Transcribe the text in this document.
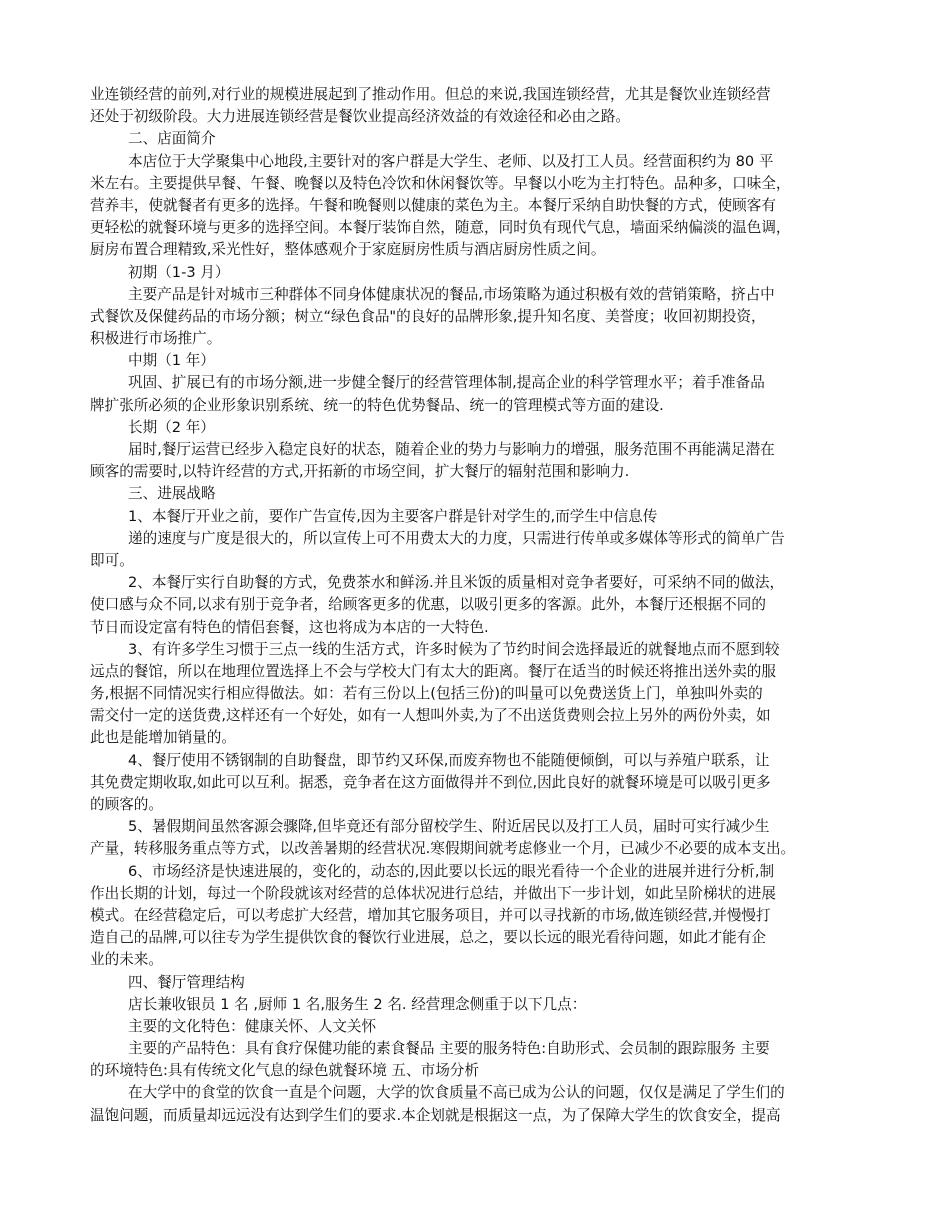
业连锁经营的前列,对行业的规模进展起到了推动作用。但总的来说,我国连锁经营，尤其是餐饮业连锁经营

还处于初级阶段。大力进展连锁经营是餐饮业提高经济效益的有效途径和必由之路。

二、店面简介

本店位于大学聚集中心地段,主要针对的客户群是大学生、老师、以及打工人员。经营面积约为 80 平

米左右。主要提供早餐、午餐、晚餐以及特色冷饮和休闲餐饮等。早餐以小吃为主打特色。品种多，口味全，

营养丰，使就餐者有更多的选择。午餐和晚餐则以健康的菜色为主。本餐厅采纳自助快餐的方式，使顾客有

更轻松的就餐环境与更多的选择空间。本餐厅装饰自然，随意，同时负有现代气息，墙面采纳偏淡的温色调，

厨房布置合理精致,采光性好，整体感观介于家庭厨房性质与酒店厨房性质之间。

初期（1-3 月）

主要产品是针对城市三种群体不同身体健康状况的餐品,市场策略为通过积极有效的营销策略，挤占中

式餐饮及保健药品的市场分额；树立“绿色食品"的良好的品牌形象,提升知名度、美誉度；收回初期投资，

积极进行市场推广。

中期（1 年）

巩固、扩展已有的市场分额,进一步健全餐厅的经营管理体制,提高企业的科学管理水平；着手准备品

牌扩张所必须的企业形象识别系统、统一的特色优势餐品、统一的管理模式等方面的建设.

长期（2 年）

届时,餐厅运营已经步入稳定良好的状态，随着企业的势力与影响力的增强，服务范围不再能满足潜在

顾客的需要时,以特许经营的方式,开拓新的市场空间，扩大餐厅的辐射范围和影响力.

三、进展战略

1、本餐厅开业之前，要作广告宣传,因为主要客户群是针对学生的,而学生中信息传

递的速度与广度是很大的，所以宣传上可不用费太大的力度，只需进行传单或多媒体等形式的简单广告

即可。

2、本餐厅实行自助餐的方式，免费茶水和鲜汤.并且米饭的质量相对竞争者要好，可采纳不同的做法，

使口感与众不同,以求有别于竞争者，给顾客更多的优惠，以吸引更多的客源。此外，本餐厅还根据不同的

节日而设定富有特色的情侣套餐，这也将成为本店的一大特色.

3、有许多学生习惯于三点一线的生活方式，许多时候为了节约时间会选择最近的就餐地点而不愿到较

远点的餐馆，所以在地理位置选择上不会与学校大门有太大的距离。餐厅在适当的时候还将推出送外卖的服

务,根据不同情况实行相应得做法。如：若有三份以上(包括三份)的叫量可以免费送货上门，单独叫外卖的

需交付一定的送货费,这样还有一个好处，如有一人想叫外卖,为了不出送货费则会拉上另外的两份外卖，如

此也是能增加销量的。

4、餐厅使用不锈钢制的自助餐盘，即节约又环保,而废弃物也不能随便倾倒，可以与养殖户联系，让

其免费定期收取,如此可以互利。据悉，竞争者在这方面做得并不到位,因此良好的就餐环境是可以吸引更多

的顾客的。

5、暑假期间虽然客源会骤降,但毕竟还有部分留校学生、附近居民以及打工人员，届时可实行减少生

产量，转移服务重点等方式，以改善暑期的经营状况.寒假期间就考虑修业一个月，已减少不必要的成本支出。

6、市场经济是快速进展的，变化的，动态的,因此要以长远的眼光看待一个企业的进展并进行分析,制

作出长期的计划，每过一个阶段就该对经营的总体状况进行总结，并做出下一步计划，如此呈阶梯状的进展

模式。在经营稳定后，可以考虑扩大经营，增加其它服务项目，并可以寻找新的市场,做连锁经营,并慢慢打

造自己的品牌,可以往专为学生提供饮食的餐饮行业进展，总之，要以长远的眼光看待问题，如此才能有企

业的未来。

四、餐厅管理结构

店长兼收银员 1 名 ,厨师 1 名,服务生 2 名. 经营理念侧重于以下几点：

主要的文化特色：健康关怀、人文关怀

主要的产品特色：具有食疗保健功能的素食餐品 主要的服务特色:自助形式、会员制的跟踪服务 主要

的环境特色:具有传统文化气息的绿色就餐环境 五、市场分析

在大学中的食堂的饮食一直是个问题，大学的饮食质量不高已成为公认的问题，仅仅是满足了学生们的

温饱问题，而质量却远远没有达到学生们的要求.本企划就是根据这一点，为了保障大学生的饮食安全，提高
